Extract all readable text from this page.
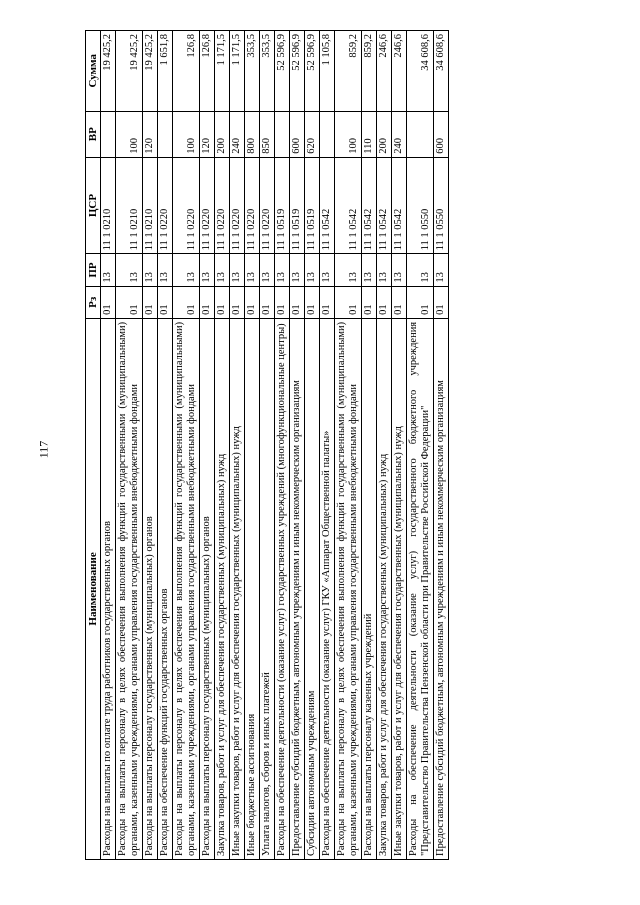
117
Наименование	Рз	ПР	ЦСР	ВР	Сумма
Расходы на выплаты по оплате труда работников государственных органов	01	13	11 1 0210		19 425,2
Расходы на выплаты персоналу в целях обеспечения выполнения функций государственными (муниципальными) органами, казенными учреждениями, органами управления государственными внебюджетными фондами	01	13	11 1 0210	100	19 425,2
Расходы на выплаты персоналу государственных (муниципальных) органов	01	13	11 1 0210	120	19 425,2
Расходы на обеспечение функций государственных органов	01	13	11 1 0220		1 651,8
Расходы на выплаты персоналу в целях обеспечения выполнения функций государственными (муниципальными) органами, казенными учреждениями, органами управления государственными внебюджетными фондами	01	13	11 1 0220	100	126,8
Расходы на выплаты персоналу государственных (муниципальных) органов	01	13	11 1 0220	120	126,8
Закупка товаров, работ и услуг для обеспечения государственных (муниципальных) нужд	01	13	11 1 0220	200	1 171,5
Иные закупки товаров, работ и услуг для обеспечения государственных (муниципальных) нужд	01	13	11 1 0220	240	1 171,5
Иные бюджетные ассигнования	01	13	11 1 0220	800	353,5
Уплата налогов, сборов и иных платежей	01	13	11 1 0220	850	353,5
Расходы на обеспечение деятельности (оказание услуг) государственных учреждений (многофункциональные центры)	01	13	11 1 0519		52 596,9
Предоставление субсидий бюджетным, автономным учреждениям и иным некоммерческим организациям	01	13	11 1 0519	600	52 596,9
Субсидии автономным учреждениям	01	13	11 1 0519	620	52 596,9
Расходы на обеспечение деятельности (оказание услуг) ГКУ «Аппарат Общественной палаты»	01	13	11 1 0542		1 105,8
Расходы на выплаты персоналу в целях обеспечения выполнения функций государственными (муниципальными) органами, казенными учреждениями, органами управления государственными внебюджетными фондами	01	13	11 1 0542	100	859,2
Расходы на выплаты персоналу казенных учреждений	01	13	11 1 0542	110	859,2
Закупка товаров, работ и услуг для обеспечения государственных (муниципальных) нужд	01	13	11 1 0542	200	246,6
Иные закупки товаров, работ и услуг для обеспечения государственных (муниципальных) нужд	01	13	11 1 0542	240	246,6
Расходы на обеспечение деятельности (оказание услуг) государственного бюджетного учреждения "Представительство Правительства Пензенской области при Правительстве Российской Федерации"	01	13	11 1 0550		34 608,6
Предоставление субсидий бюджетным, автономным учреждениям и иным некоммерческим организациям	01	13	11 1 0550	600	34 608,6
